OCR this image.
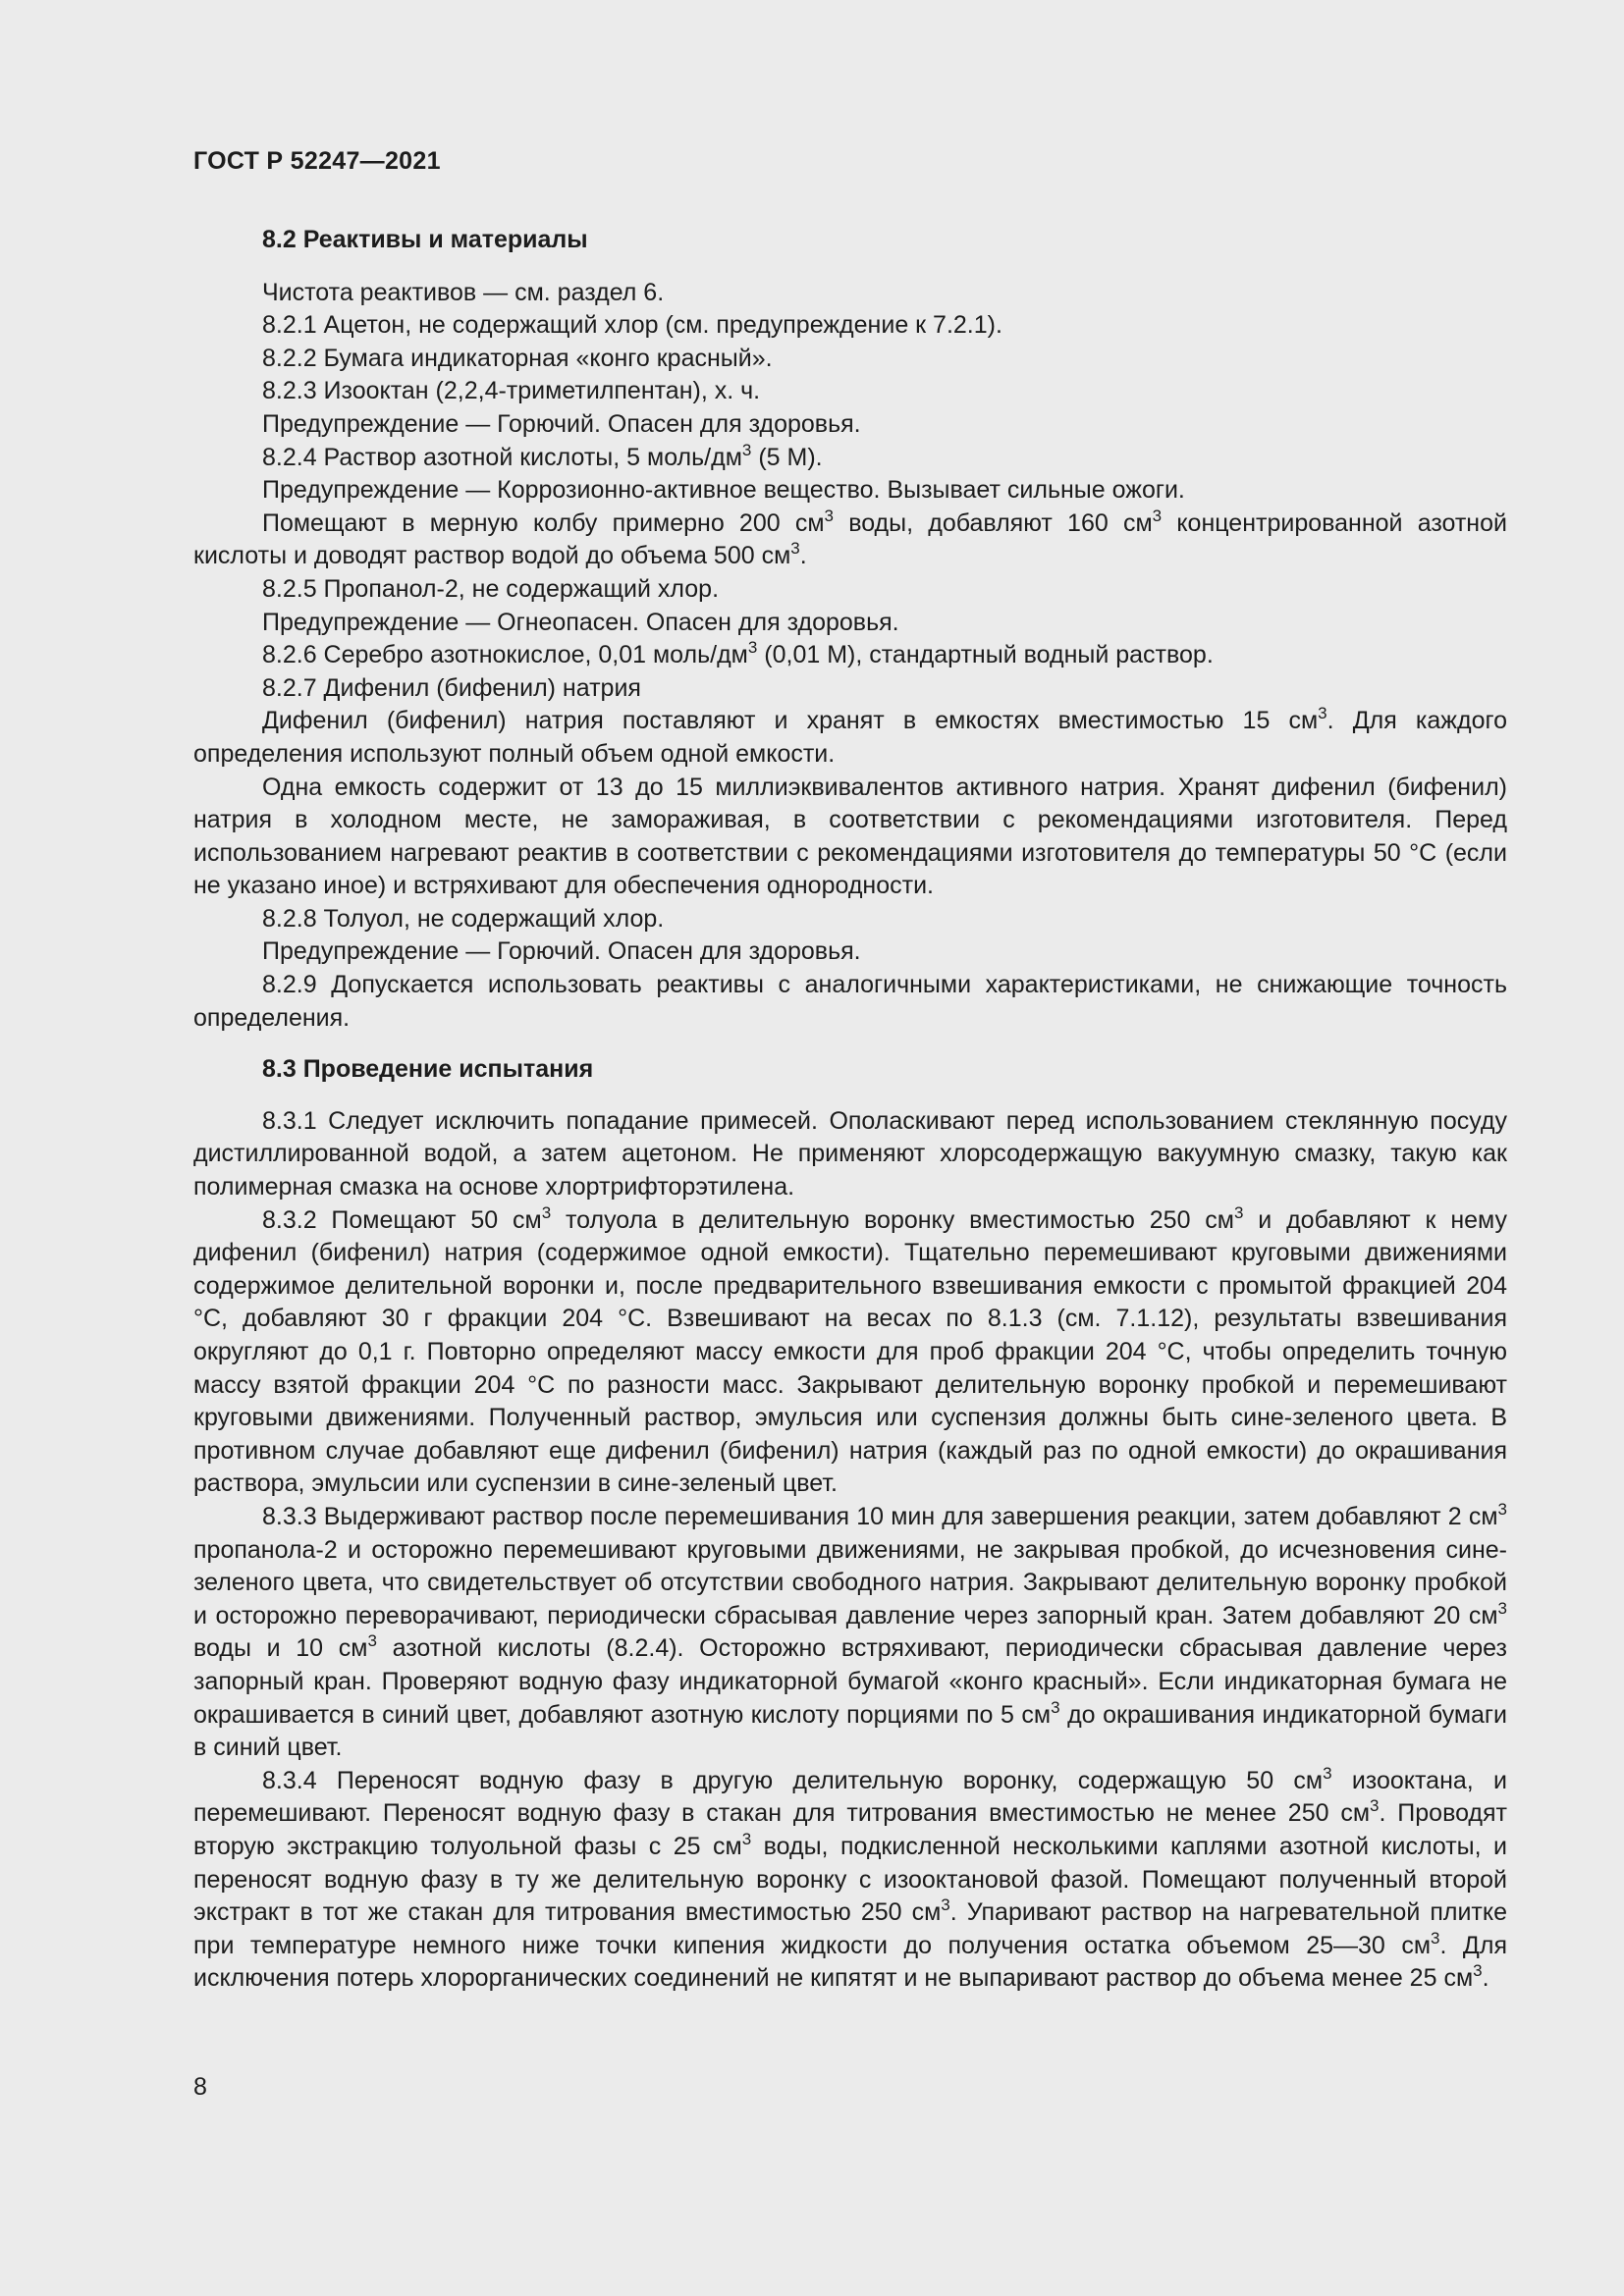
ГОСТ Р 52247—2021
8.2 Реактивы и материалы

Чистота реактивов — см. раздел 6.

8.2.1 Ацетон, не содержащий хлор (см. предупреждение к 7.2.1).

8.2.2 Бумага индикаторная «конго красный».

8.2.3 Изооктан (2,2,4-триметилпентан), х. ч.

Предупреждение — Горючий. Опасен для здоровья.

8.2.4 Раствор азотной кислоты, 5 моль/$дм^3$ (5 М).

Предупреждение — Коррозионно-активное вещество. Вызывает сильные ожоги.

Помещают в мерную колбу примерно 200 $см^3$ воды, добавляют 160 $см^3$ концентрированной азотной кислоты и доводят раствор водой до объема 500 $см^3$.

8.2.5 Пропанол-2, не содержащий хлор.

Предупреждение — Огнеопасен. Опасен для здоровья.

8.2.6 Серебро азотнокислое, 0,01 моль/$дм^3$ (0,01 М), стандартный водный раствор.

8.2.7 Дифенил (бифенил) натрия

Дифенил (бифенил) натрия поставляют и хранят в емкостях вместимостью 15 $см^3$. Для каждого определения используют полный объем одной емкости.

Одна емкость содержит от 13 до 15 миллиэквивалентов активного натрия. Хранят дифенил (бифенил) натрия в холодном месте, не замораживая, в соответствии с рекомендациями изготовителя. Перед использованием нагревают реактив в соответствии с рекомендациями изготовителя до температуры 50 °C (если не указано иное) и встряхивают для обеспечения однородности.

8.2.8 Толуол, не содержащий хлор.

Предупреждение — Горючий. Опасен для здоровья.

8.2.9 Допускается использовать реактивы с аналогичными характеристиками, не снижающие точность определения.

8.3 Проведение испытания

8.3.1 Следует исключить попадание примесей. Ополаскивают перед использованием стеклянную посуду дистиллированной водой, а затем ацетоном. Не применяют хлорсодержащую вакуумную смазку, такую как полимерная смазка на основе хлортрифторэтилена.

8.3.2 Помещают 50 $см^3$ толуола в делительную воронку вместимостью 250 $см^3$ и добавляют к нему дифенил (бифенил) натрия (содержимое одной емкости). Тщательно перемешивают круговыми движениями содержимое делительной воронки и, после предварительного взвешивания емкости с промытой фракцией 204 °C, добавляют 30 г фракции 204 °C. Взвешивают на весах по 8.1.3 (см. 7.1.12), результаты взвешивания округляют до 0,1 г. Повторно определяют массу емкости для проб фракции 204 °C, чтобы определить точную массу взятой фракции 204 °C по разности масс. Закрывают делительную воронку пробкой и перемешивают круговыми движениями. Полученный раствор, эмульсия или суспензия должны быть сине-зеленого цвета. В противном случае добавляют еще дифенил (бифенил) натрия (каждый раз по одной емкости) до окрашивания раствора, эмульсии или суспензии в сине-зеленый цвет.

8.3.3 Выдерживают раствор после перемешивания 10 мин для завершения реакции, затем добавляют 2 $см^3$ пропанола-2 и осторожно перемешивают круговыми движениями, не закрывая пробкой, до исчезновения сине-зеленого цвета, что свидетельствует об отсутствии свободного натрия. Закрывают делительную воронку пробкой и осторожно переворачивают, периодически сбрасывая давление через запорный кран. Затем добавляют 20 $см^3$ воды и 10 $см^3$ азотной кислоты (8.2.4). Осторожно встряхивают, периодически сбрасывая давление через запорный кран. Проверяют водную фазу индикаторной бумагой «конго красный». Если индикаторная бумага не окрашивается в синий цвет, добавляют азотную кислоту порциями по 5 $см^3$ до окрашивания индикаторной бумаги в синий цвет.

8.3.4 Переносят водную фазу в другую делительную воронку, содержащую 50 $см^3$ изооктана, и перемешивают. Переносят водную фазу в стакан для титрования вместимостью не менее 250 $см^3$. Проводят вторую экстракцию толуольной фазы с 25 $см^3$ воды, подкисленной несколькими каплями азотной кислоты, и переносят водную фазу в ту же делительную воронку с изооктановой фазой. Помещают полученный второй экстракт в тот же стакан для титрования вместимостью 250 $см^3$. Упаривают раствор на нагревательной плитке при температуре немного ниже точки кипения жидкости до получения остатка объемом 25—30 $см^3$. Для исключения потерь хлорорганических соединений не кипятят и не выпаривают раствор до объема менее 25 $см^3$.

8
